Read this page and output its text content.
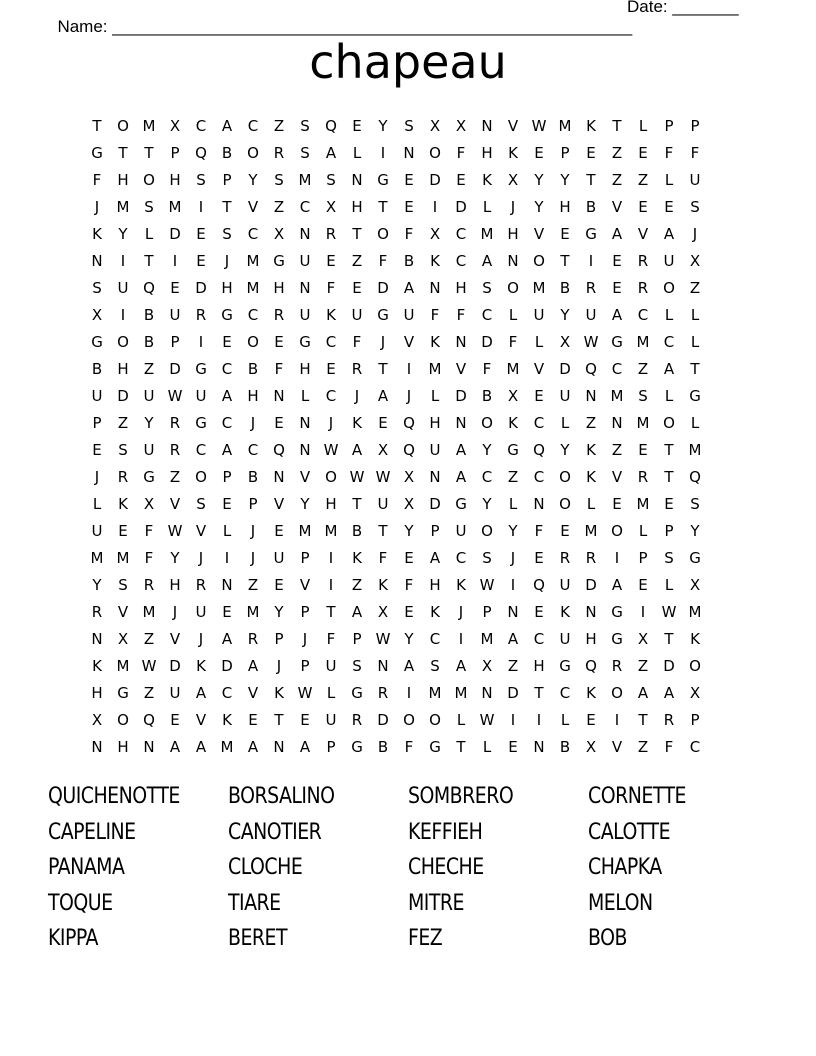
Name: _______________________________________________________

Date: _______

chapeau
T	O M X	C	A	C	Z	S	Q	E	Y	S	X	X	N	V W M K	T	L	P	P
G	T	T	P	Q B O R	S	A	L	I	N O	F	H	K	E	P	E	Z	E	F	F
F	H O H	S	P	Y	S M S	N G	E	D	E	K	X	Y	Y	T	Z	Z	L	U
J	M S M	I	T	V	Z	C	X	H	T	E	I	D	L	J	Y	H	B	V	E	E	S
K	Y	L	D	E	S	C	X	N	R	T	O	F	X	C M H	V	E	G	A	V	A	J
N	I	T	I	E	J	M G U	E	Z	F	B	K	C	A	N O	T	I	E	R	U	X
S	U Q	E	D H M H N	F	E	D	A	N H	S	O M B	R	E	R O Z
X	I	B	U	R G C	R	U	K	U G U	F	F	C	L	U	Y	U	A	C	L	L
G O B	P	I	E	O	E	G C	F	J	V	K	N D	F	L	X W G M C	L
B	H	Z	D G C	B	F	H	E	R	T	I	M V	F	M V	D Q C	Z	A	T
U D U W U	A	H N	L	C	J	A	J	L	D	B	X	E	U N M S	L	G
P	Z	Y	R G C	J	E	N	J	K	E	Q H N O	K	C	L	Z	N M O	L
E	S	U	R	C	A	C Q N W A	X Q U	A	Y	G Q	Y	K	Z	E	T M
J	R G	Z O	P	B	N	V O W W X	N	A	C	Z	C O	K	V	R	T	Q
L	K	X	V	S	E	P	V	Y	H	T	U	X	D G	Y	L	N O	L	E M E	S
U	E	F W V	L	J	E M M B	T	Y	P	U O	Y	F	E M O	L	P	Y
M M	F	Y	J	I	J	U	P	I	K	F	E	A	C	S	J	E	R	R	I	P	S	G
Y	S	R	H	R	N	Z	E	V	I	Z	K	F	H	K W	I	Q U D	A	E	L	X
R	V M	J	U	E M Y	P	T	A	X	E	K	J	P	N	E	K	N G	I	W M
N	X	Z	V	J	A	R	P	J	F	P W Y	C	I	M A	C	U H G	X	T	K
K M W D	K	D	A	J	P	U	S	N	A	S	A	X	Z	H G Q R	Z	D O
H G	Z	U	A	C	V	K W L	G R	I	M M N D	T	C	K	O A	A	X
X O Q	E	V	K	E	T	E	U	R	D O O	L W	I	I	L	E	I	T	R	P
N H N	A	A M A	N	A	P	G	B	F	G	T	L	E	N	B	X	V	Z	F	C
QUICHENOTTE	BORSALINO	SOMBRERO	CORNETTE
CAPELINE	CANOTIER	KEFFIEH	CALOTTE
PANAMA	CLOCHE	CHECHE	CHAPKA
TOQUE	TIARE	MITRE	MELON
KIPPA	BERET	FEZ	BOB
